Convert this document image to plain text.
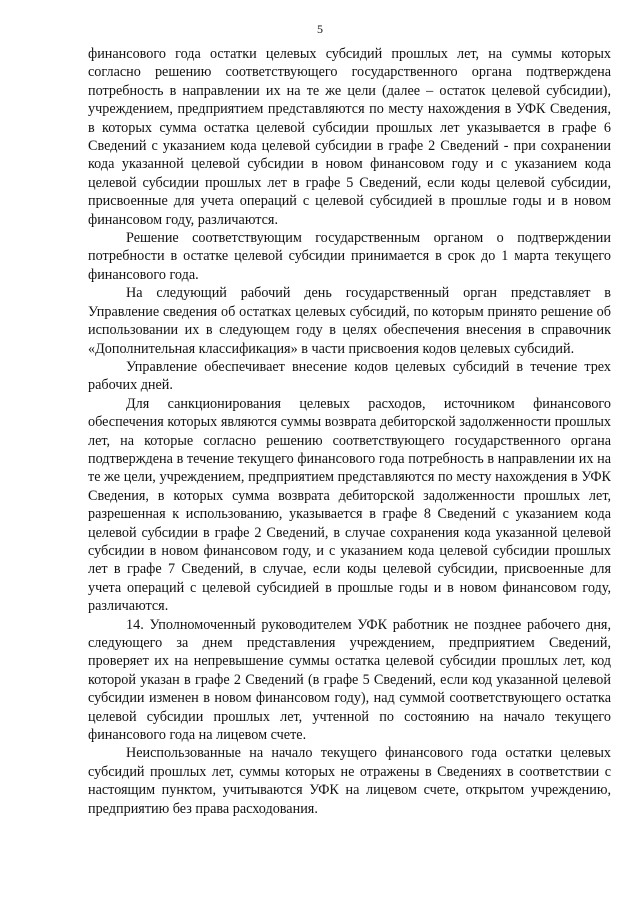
5

финансового года остатки целевых субсидий прошлых лет, на суммы которых согласно решению соответствующего государственного органа подтверждена потребность в направлении их на те же цели (далее – остаток целевой субсидии), учреждением, предприятием представляются по месту нахождения в УФК Сведения, в которых сумма остатка целевой субсидии прошлых лет указывается в графе 6 Сведений с указанием кода целевой субсидии в графе 2 Сведений - при сохранении кода указанной целевой субсидии в новом финансовом году и с указанием кода целевой субсидии прошлых лет в графе 5 Сведений, если коды целевой субсидии, присвоенные для учета операций с целевой субсидией в прошлые годы и в новом финансовом году, различаются.

Решение соответствующим государственным органом о подтверждении потребности в остатке целевой субсидии принимается в срок до 1 марта текущего финансового года.

На следующий рабочий день государственный орган представляет в Управление сведения об остатках целевых субсидий, по которым принято решение об использовании их в следующем году в целях обеспечения внесения в справочник «Дополнительная классификация» в части присвоения кодов целевых субсидий.

Управление обеспечивает внесение кодов целевых субсидий в течение трех рабочих дней.

Для санкционирования целевых расходов, источником финансового обеспечения которых являются суммы возврата дебиторской задолженности прошлых лет, на которые согласно решению соответствующего государственного органа подтверждена в течение текущего финансового года потребность в направлении их на те же цели, учреждением, предприятием представляются по месту нахождения в УФК Сведения, в которых сумма возврата дебиторской задолженности прошлых лет, разрешенная к использованию, указывается в графе 8 Сведений с указанием кода целевой субсидии в графе 2 Сведений, в случае сохранения кода указанной целевой субсидии в новом финансовом году, и с указанием кода целевой субсидии прошлых лет в графе 7 Сведений, в случае, если коды целевой субсидии, присвоенные для учета операций с целевой субсидией в прошлые годы и в новом финансовом году, различаются.

14. Уполномоченный руководителем УФК работник не позднее рабочего дня, следующего за днем представления учреждением, предприятием Сведений, проверяет их на непревышение суммы остатка целевой субсидии прошлых лет, код которой указан в графе 2 Сведений (в графе 5 Сведений, если код указанной целевой субсидии изменен в новом финансовом году), над суммой соответствующего остатка целевой субсидии прошлых лет, учтенной по состоянию на начало текущего финансового года на лицевом счете.

Неиспользованные на начало текущего финансового года остатки целевых субсидий прошлых лет, суммы которых не отражены в Сведениях в соответствии с настоящим пунктом, учитываются УФК на лицевом счете, открытом учреждению, предприятию без права расходования.
